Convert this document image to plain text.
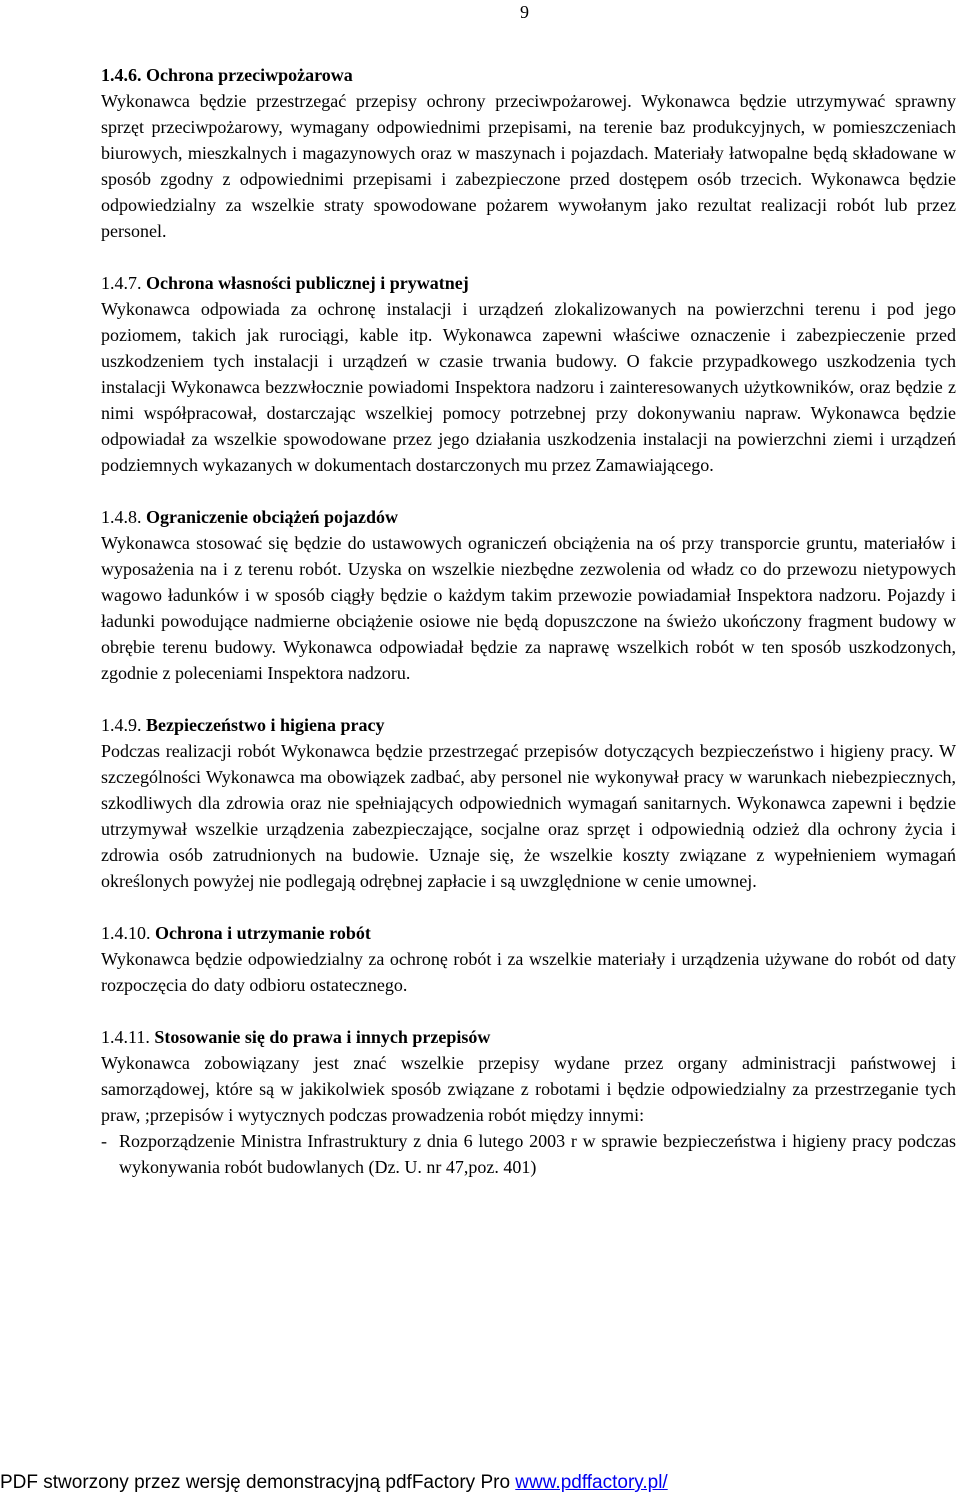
9
1.4.6. Ochrona przeciwpożarowa

Wykonawca będzie przestrzegać przepisy ochrony przeciwpożarowej. Wykonawca będzie utrzymywać sprawny sprzęt przeciwpożarowy, wymagany odpowiednimi przepisami, na terenie baz produkcyjnych, w pomieszczeniach biurowych, mieszkalnych i magazynowych oraz w maszynach i pojazdach. Materiały łatwopalne będą składowane w sposób zgodny z odpowiednimi przepisami i zabezpieczone przed dostępem osób trzecich. Wykonawca będzie odpowiedzialny za wszelkie straty spowodowane pożarem wywołanym jako rezultat realizacji robót lub przez personel.

1.4.7. Ochrona własności publicznej i prywatnej

Wykonawca odpowiada za ochronę instalacji i urządzeń zlokalizowanych na powierzchni terenu i pod jego poziomem, takich jak rurociągi, kable itp. Wykonawca zapewni właściwe oznaczenie i zabezpieczenie przed uszkodzeniem tych instalacji i urządzeń w czasie trwania budowy. O fakcie przypadkowego uszkodzenia tych instalacji Wykonawca bezzwłocznie powiadomi Inspektora nadzoru i zainteresowanych użytkowników, oraz będzie z nimi współpracował, dostarczając wszelkiej pomocy potrzebnej przy dokonywaniu napraw. Wykonawca będzie odpowiadał za wszelkie spowodowane przez jego działania uszkodzenia instalacji na powierzchni ziemi i urządzeń podziemnych wykazanych w dokumentach dostarczonych mu przez Zamawiającego.

1.4.8. Ograniczenie obciążeń pojazdów

Wykonawca stosować się będzie do ustawowych ograniczeń obciążenia na oś przy transporcie gruntu, materiałów i wyposażenia na i z terenu robót. Uzyska on wszelkie niezbędne zezwolenia od władz co do przewozu nietypowych wagowo ładunków i w sposób ciągły będzie o każdym takim przewozie powiadamiał Inspektora nadzoru. Pojazdy i ładunki powodujące nadmierne obciążenie osiowe nie będą dopuszczone na świeżo ukończony fragment budowy w obrębie terenu budowy. Wykonawca odpowiadał będzie za naprawę wszelkich robót w ten sposób uszkodzonych, zgodnie z poleceniami Inspektora nadzoru.

1.4.9. Bezpieczeństwo i higiena pracy

Podczas realizacji robót Wykonawca będzie przestrzegać przepisów dotyczących bezpieczeństwo i higieny pracy. W szczególności Wykonawca ma obowiązek zadbać, aby personel nie wykonywał pracy w warunkach niebezpiecznych, szkodliwych dla zdrowia oraz nie spełniających odpowiednich wymagań sanitarnych. Wykonawca zapewni i będzie utrzymywał wszelkie urządzenia zabezpieczające, socjalne oraz sprzęt i odpowiednią odzież dla ochrony życia i zdrowia osób zatrudnionych na budowie. Uznaje się, że wszelkie koszty związane z wypełnieniem wymagań określonych powyżej nie podlegają odrębnej zapłacie i są uwzględnione w cenie umownej.

1.4.10. Ochrona i utrzymanie robót

Wykonawca będzie odpowiedzialny za ochronę robót i za wszelkie materiały i urządzenia używane do robót od daty rozpoczęcia do daty odbioru ostatecznego.

1.4.11. Stosowanie się do prawa i innych przepisów

Wykonawca zobowiązany jest znać wszelkie przepisy wydane przez organy administracji państwowej i samorządowej, które są w jakikolwiek sposób związane z robotami i będzie odpowiedzialny za przestrzeganie tych praw, ;przepisów i wytycznych podczas prowadzenia robót między innymi:

- Rozporządzenie Ministra Infrastruktury z dnia 6 lutego 2003 r w sprawie bezpieczeństwa i higieny pracy podczas wykonywania robót budowlanych (Dz. U. nr 47,poz. 401)
PDF stworzony przez wersję demonstracyjną pdfFactory Pro www.pdffactory.pl/
